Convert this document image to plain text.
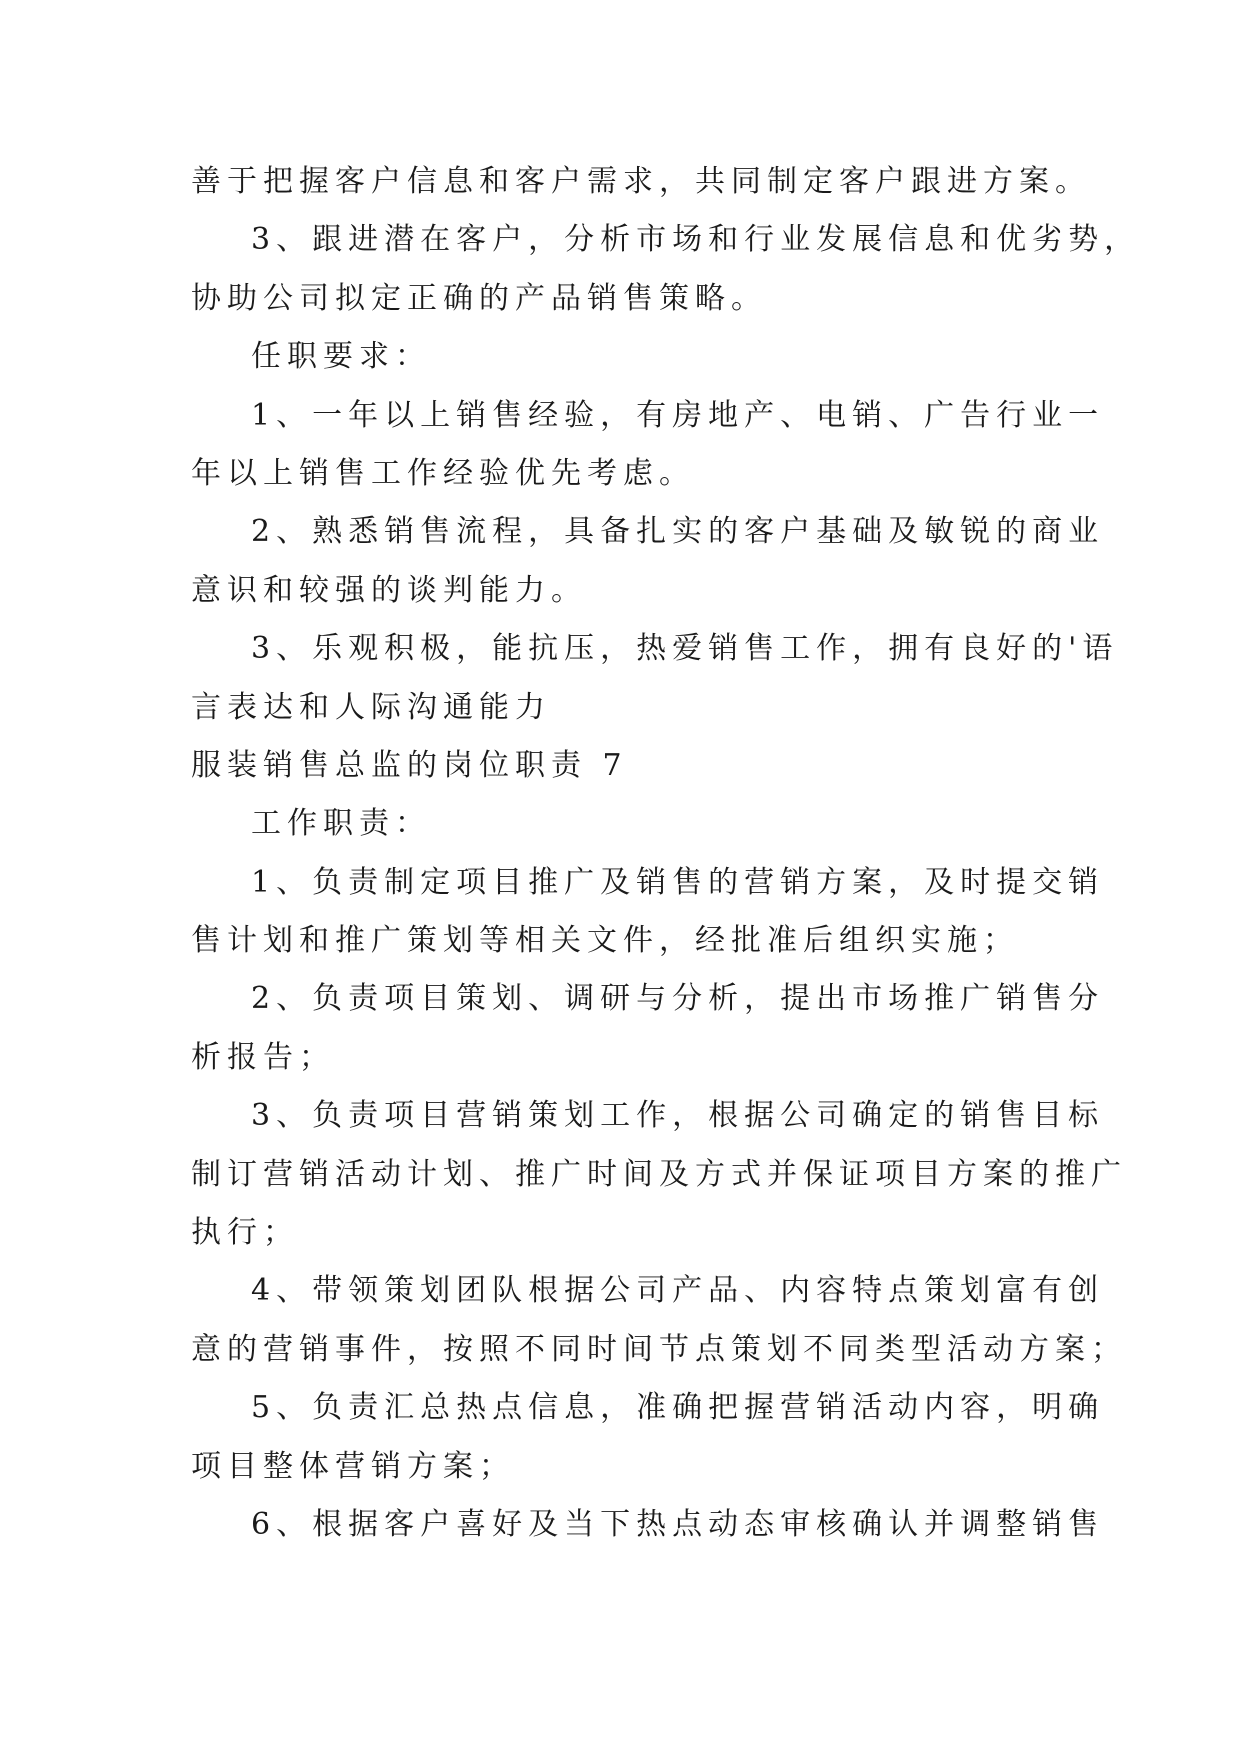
善于把握客户信息和客户需求，共同制定客户跟进方案。
3、跟进潜在客户，分析市场和行业发展信息和优劣势，
协助公司拟定正确的产品销售策略。
任职要求：
1、一年以上销售经验，有房地产、电销、广告行业一
年以上销售工作经验优先考虑。
2、熟悉销售流程，具备扎实的客户基础及敏锐的商业
意识和较强的谈判能力。
3、乐观积极，能抗压，热爱销售工作，拥有良好的'语
言表达和人际沟通能力
服装销售总监的岗位职责 7
工作职责：
1、负责制定项目推广及销售的营销方案，及时提交销
售计划和推广策划等相关文件，经批准后组织实施；
2、负责项目策划、调研与分析，提出市场推广销售分
析报告；
3、负责项目营销策划工作，根据公司确定的销售目标
制订营销活动计划、推广时间及方式并保证项目方案的推广
执行；
4、带领策划团队根据公司产品、内容特点策划富有创
意的营销事件，按照不同时间节点策划不同类型活动方案；
5、负责汇总热点信息，准确把握营销活动内容，明确
项目整体营销方案；
6、根据客户喜好及当下热点动态审核确认并调整销售
